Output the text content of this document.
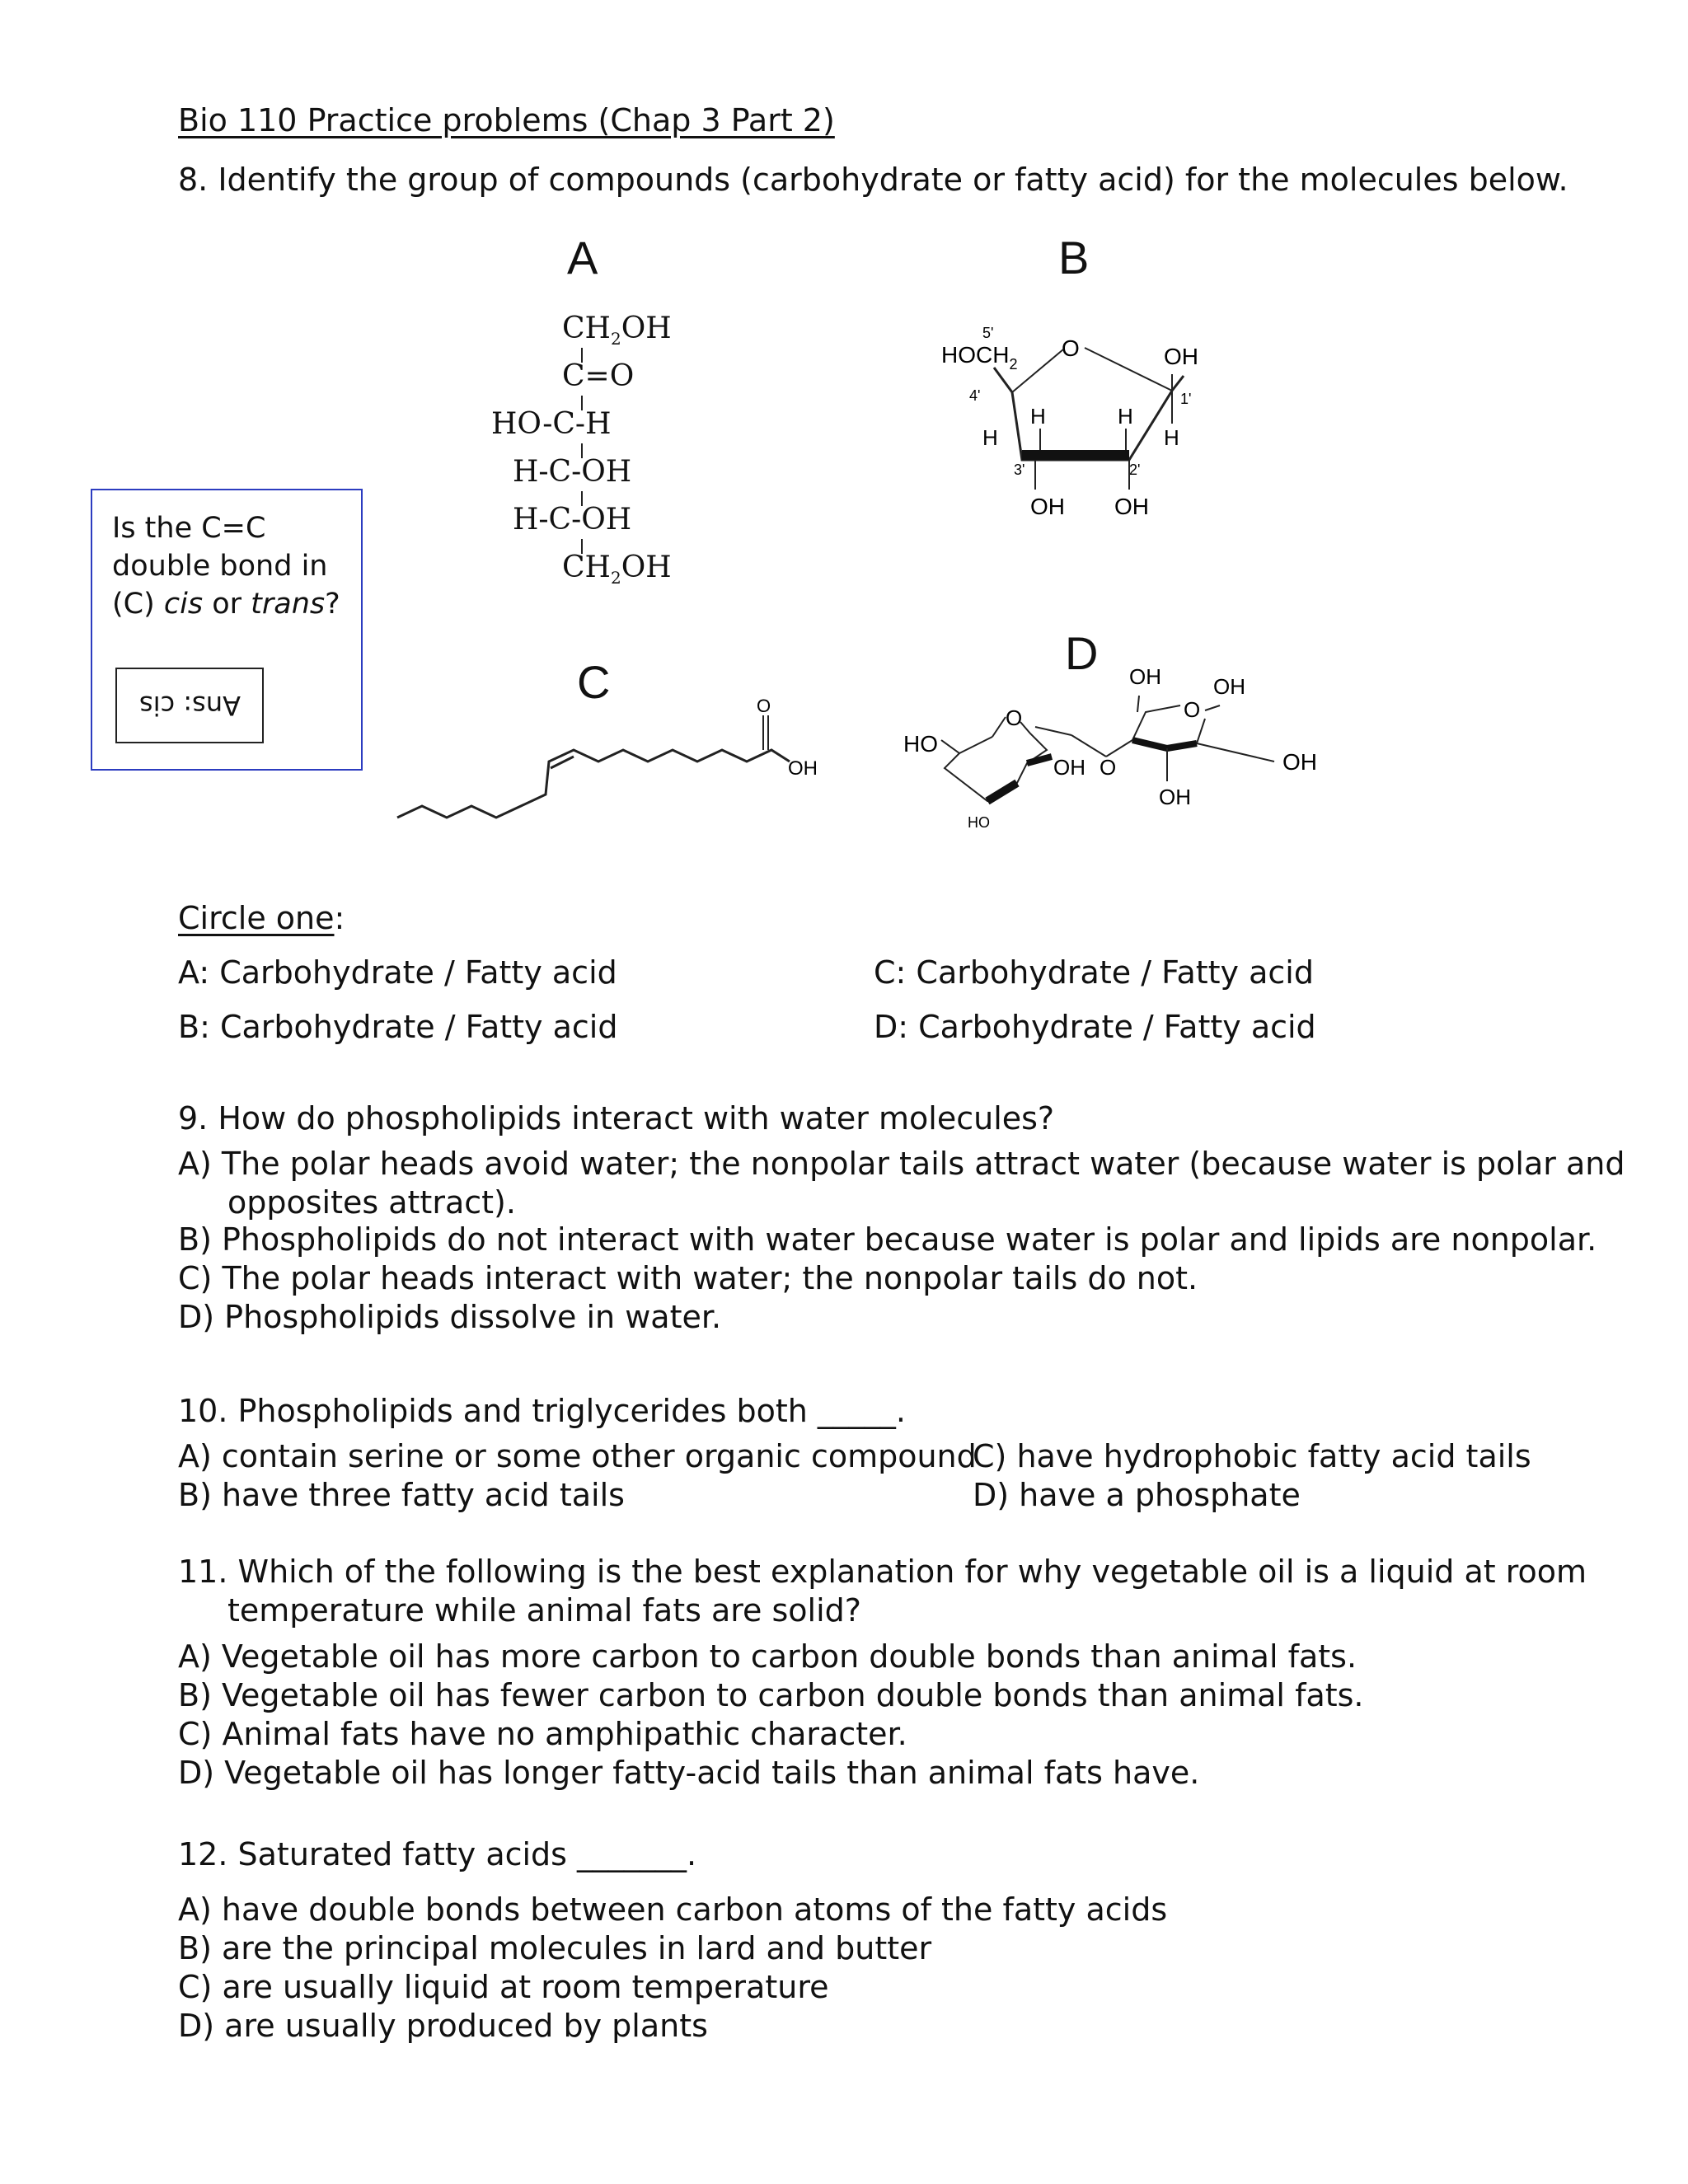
Bio 110 Practice problems (Chap 3 Part 2)
8. Identify the group of compounds (carbohydrate or fatty acid) for the molecules below.
A	B
C
D
$CH_2OH$
C=O
HO-C-H
H-C-OH
H-C-OH
$CH_2OH$
$HOCH_2$
5'
O	OH
4'	1'
H	H
H	H
3'	2'
OH OH
Is the C=C
double bond in
(C) cis or trans?
Ans: cis	O
OH
HO
O
OH O
OH
O
OH
OH
OH
HO
Circle one:
A: Carbohydrate / Fatty acid
B: Carbohydrate / Fatty acid
C: Carbohydrate / Fatty acid
D: Carbohydrate / Fatty acid
9. How do phospholipids interact with water molecules?
A) The polar heads avoid water; the nonpolar tails attract water (because water is polar and
opposites attract).
B) Phospholipids do not interact with water because water is polar and lipids are nonpolar.
C) The polar heads interact with water; the nonpolar tails do not.
D) Phospholipids dissolve in water.
10. Phospholipids and triglycerides both _____.
A) contain serine or some other organic compound
B) have three fatty acid tails
C) have hydrophobic fatty acid tails
D) have a phosphate
11. Which of the following is the best explanation for why vegetable oil is a liquid at room
temperature while animal fats are solid?
A) Vegetable oil has more carbon to carbon double bonds than animal fats.
B) Vegetable oil has fewer carbon to carbon double bonds than animal fats.
C) Animal fats have no amphipathic character.
D) Vegetable oil has longer fatty-acid tails than animal fats have.
12. Saturated fatty acids _______.
A) have double bonds between carbon atoms of the fatty acids
B) are the principal molecules in lard and butter
C) are usually liquid at room temperature
D) are usually produced by plants
